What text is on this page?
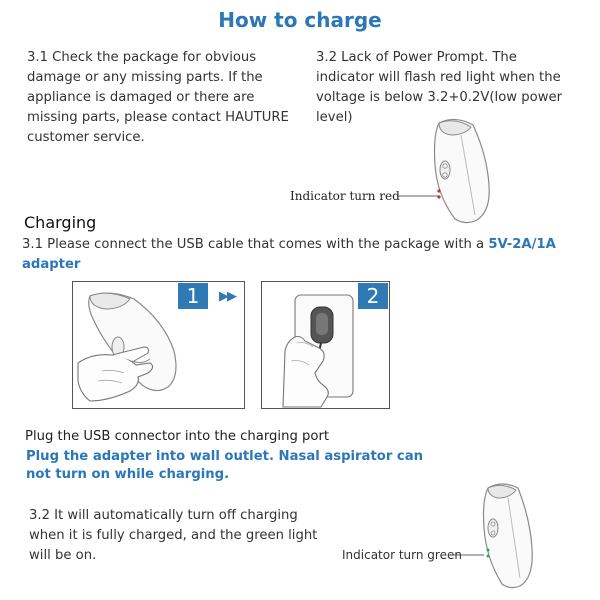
How to charge
3.1 Check the package for obvious damage or any missing parts. If the appliance is damaged or there are missing parts, please contact HAUTURE customer service.
3.2 Lack of Power Prompt. The indicator will flash red light when the voltage is below 3.2+0.2V(low power level)
Indicator turn red
Charging
3.1 Please connect the USB cable that comes with the package with a 5V-2A/1A adapter
1	▶▶	2
Plug the USB connector into the charging port
Plug the adapter into wall outlet. Nasal aspirator can not turn on while charging.
3.2 It will automatically turn off charging when it is fully charged, and the green light will be on.	Indicator turn green
